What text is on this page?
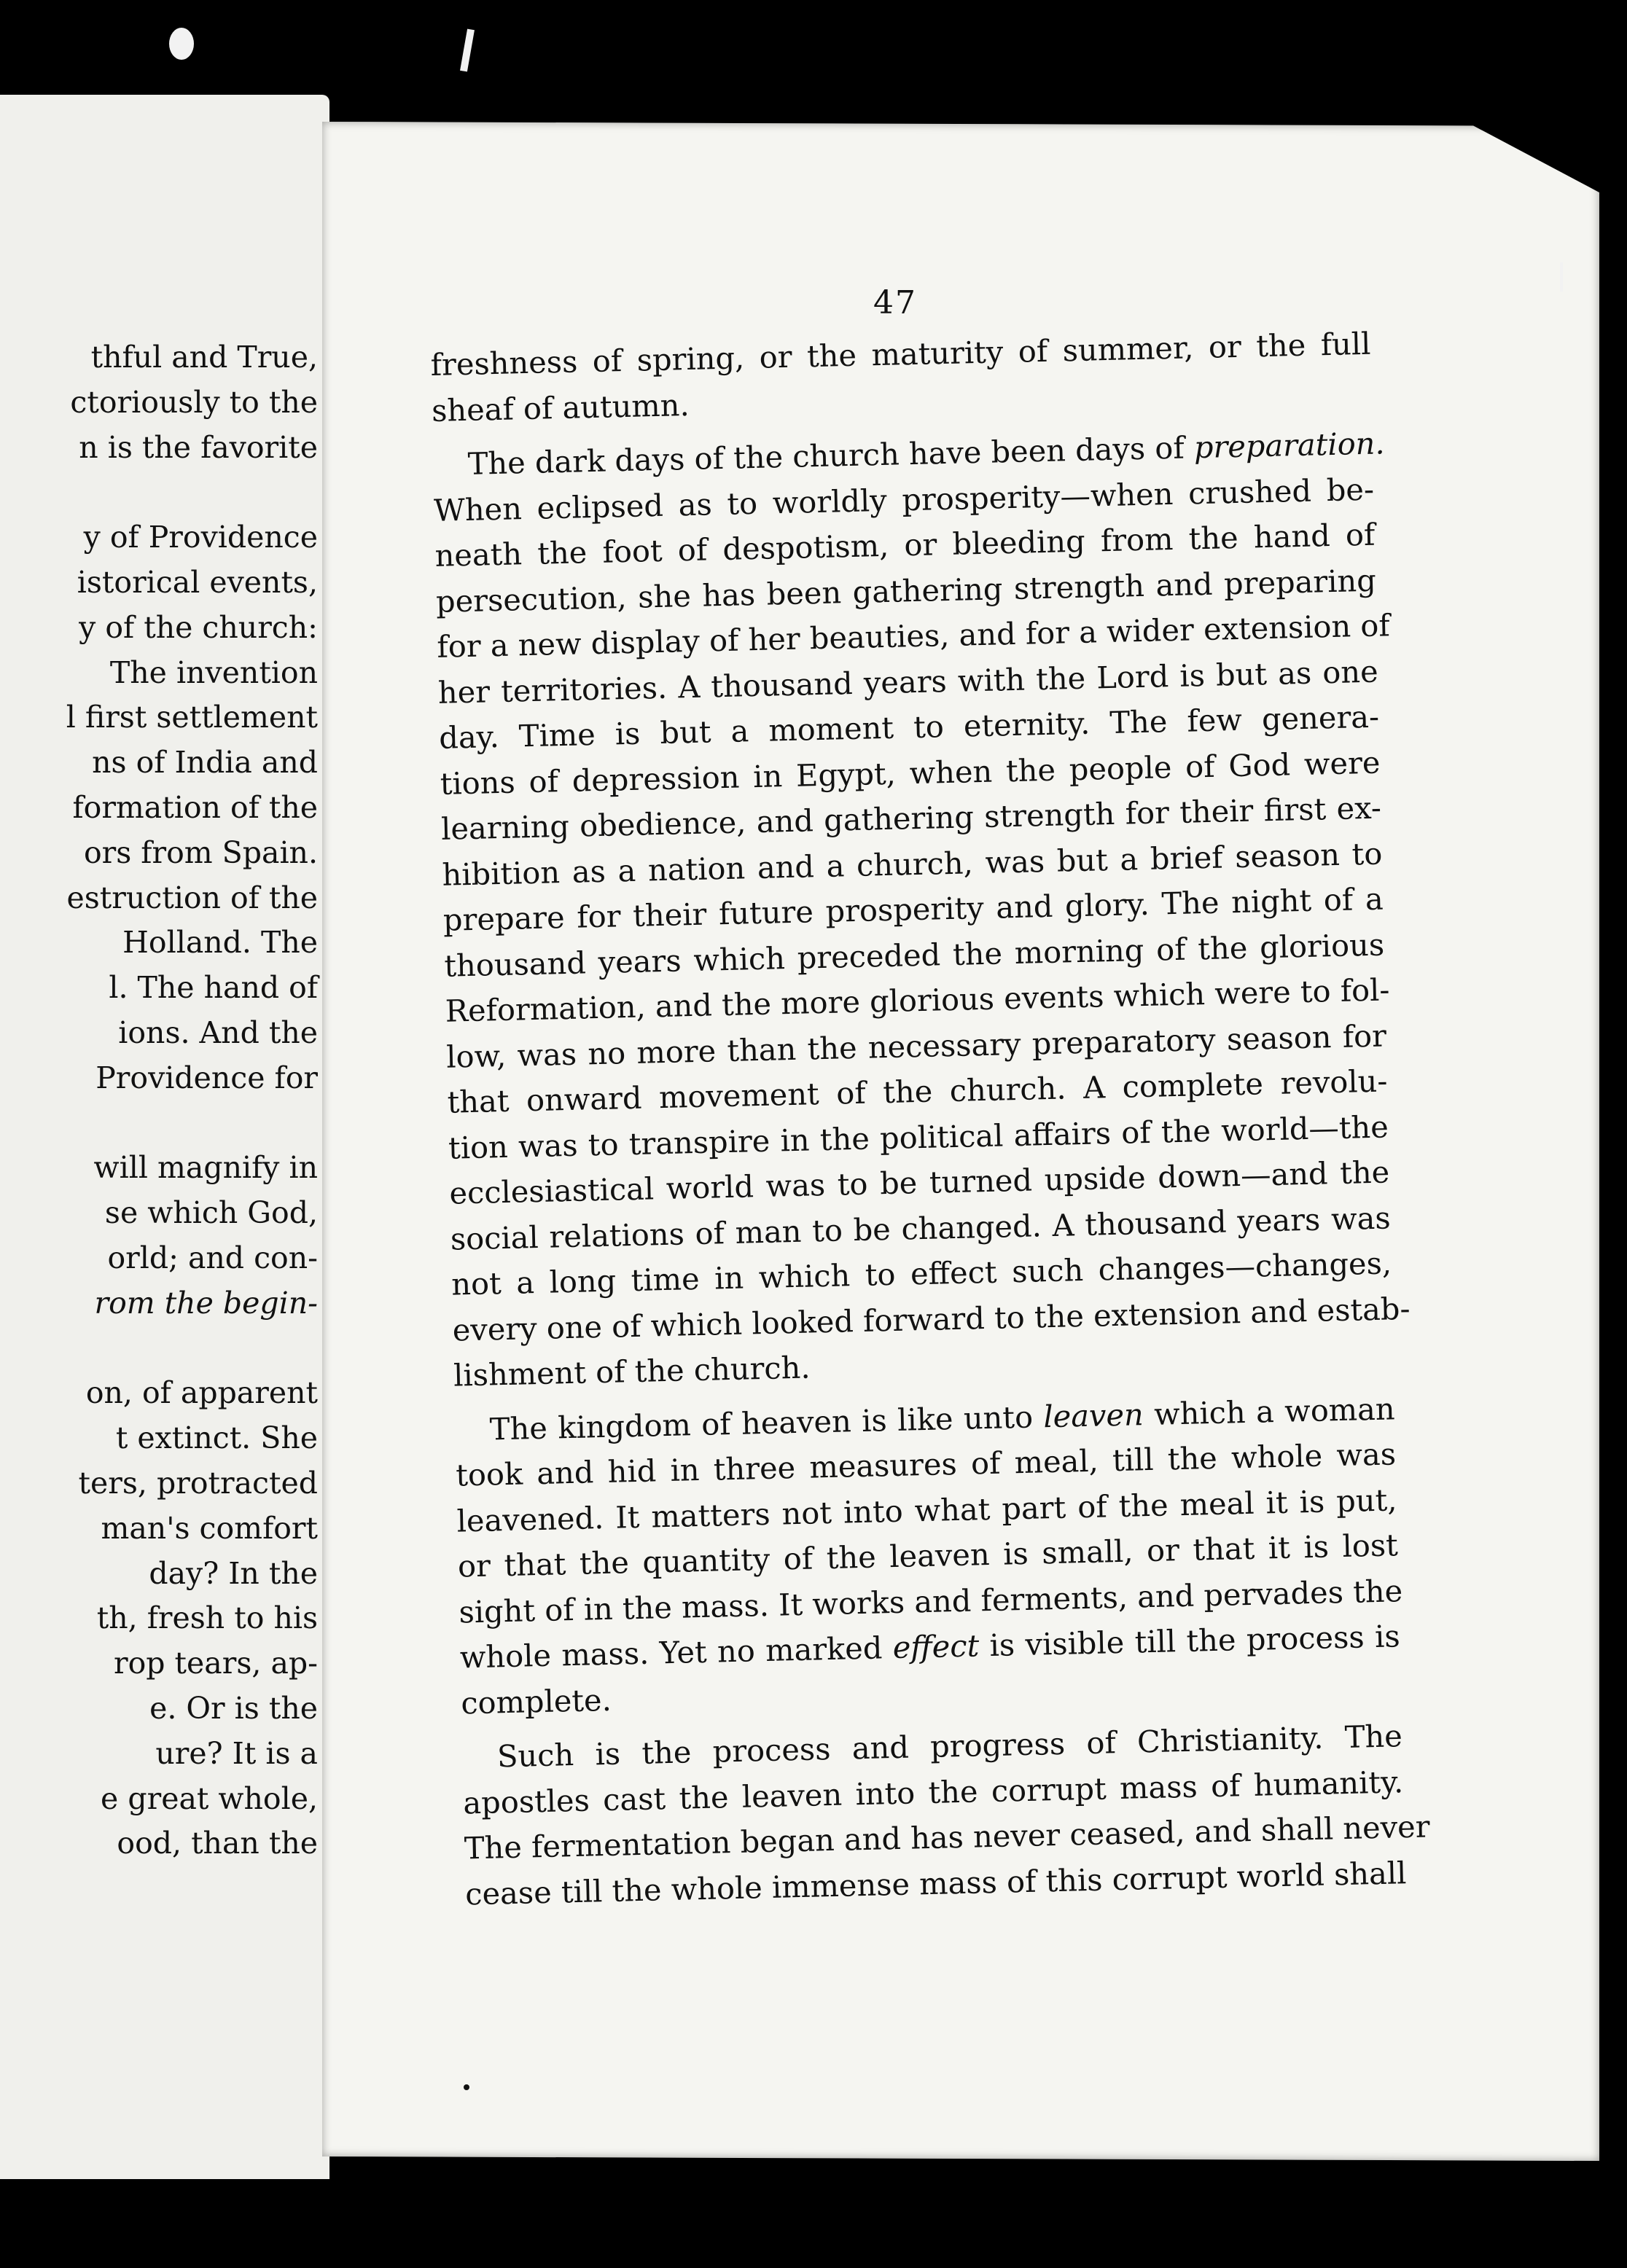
thful and True,
ctoriously to the
n is the favorite
y of Providence
istorical events,
y of the church:
The invention
l first settlement
ns of India and
formation of the
ors from Spain.
estruction of the
Holland. The
l. The hand of
ions. And the
Providence for
will magnify in
se which God,
orld; and con-
rom the begin-
on, of apparent
t extinct. She
ters, protracted
man's comfort
day? In the
th, fresh to his
rop tears, ap-
e. Or is the
ure? It is a
e great whole,
ood, than the
47

freshness of spring, or the maturity of summer, or the full
sheaf of autumn.

The dark days of the church have been days of preparation.
When eclipsed as to worldly prosperity—when crushed be-
neath the foot of despotism, or bleeding from the hand of
persecution, she has been gathering strength and preparing
for a new display of her beauties, and for a wider extension of
her territories. A thousand years with the Lord is but as one
day. Time is but a moment to eternity. The few genera-
tions of depression in Egypt, when the people of God were
learning obedience, and gathering strength for their first ex-
hibition as a nation and a church, was but a brief season to
prepare for their future prosperity and glory. The night of a
thousand years which preceded the morning of the glorious
Reformation, and the more glorious events which were to fol-
low, was no more than the necessary preparatory season for
that onward movement of the church. A complete revolu-
tion was to transpire in the political affairs of the world—the
ecclesiastical world was to be turned upside down—and the
social relations of man to be changed. A thousand years was
not a long time in which to effect such changes—changes,
every one of which looked forward to the extension and estab-
lishment of the church.

The kingdom of heaven is like unto leaven which a woman
took and hid in three measures of meal, till the whole was
leavened. It matters not into what part of the meal it is put,
or that the quantity of the leaven is small, or that it is lost
sight of in the mass. It works and ferments, and pervades the
whole mass. Yet no marked effect is visible till the process is
complete.

Such is the process and progress of Christianity. The
apostles cast the leaven into the corrupt mass of humanity.
The fermentation began and has never ceased, and shall never
cease till the whole immense mass of this corrupt world shall
